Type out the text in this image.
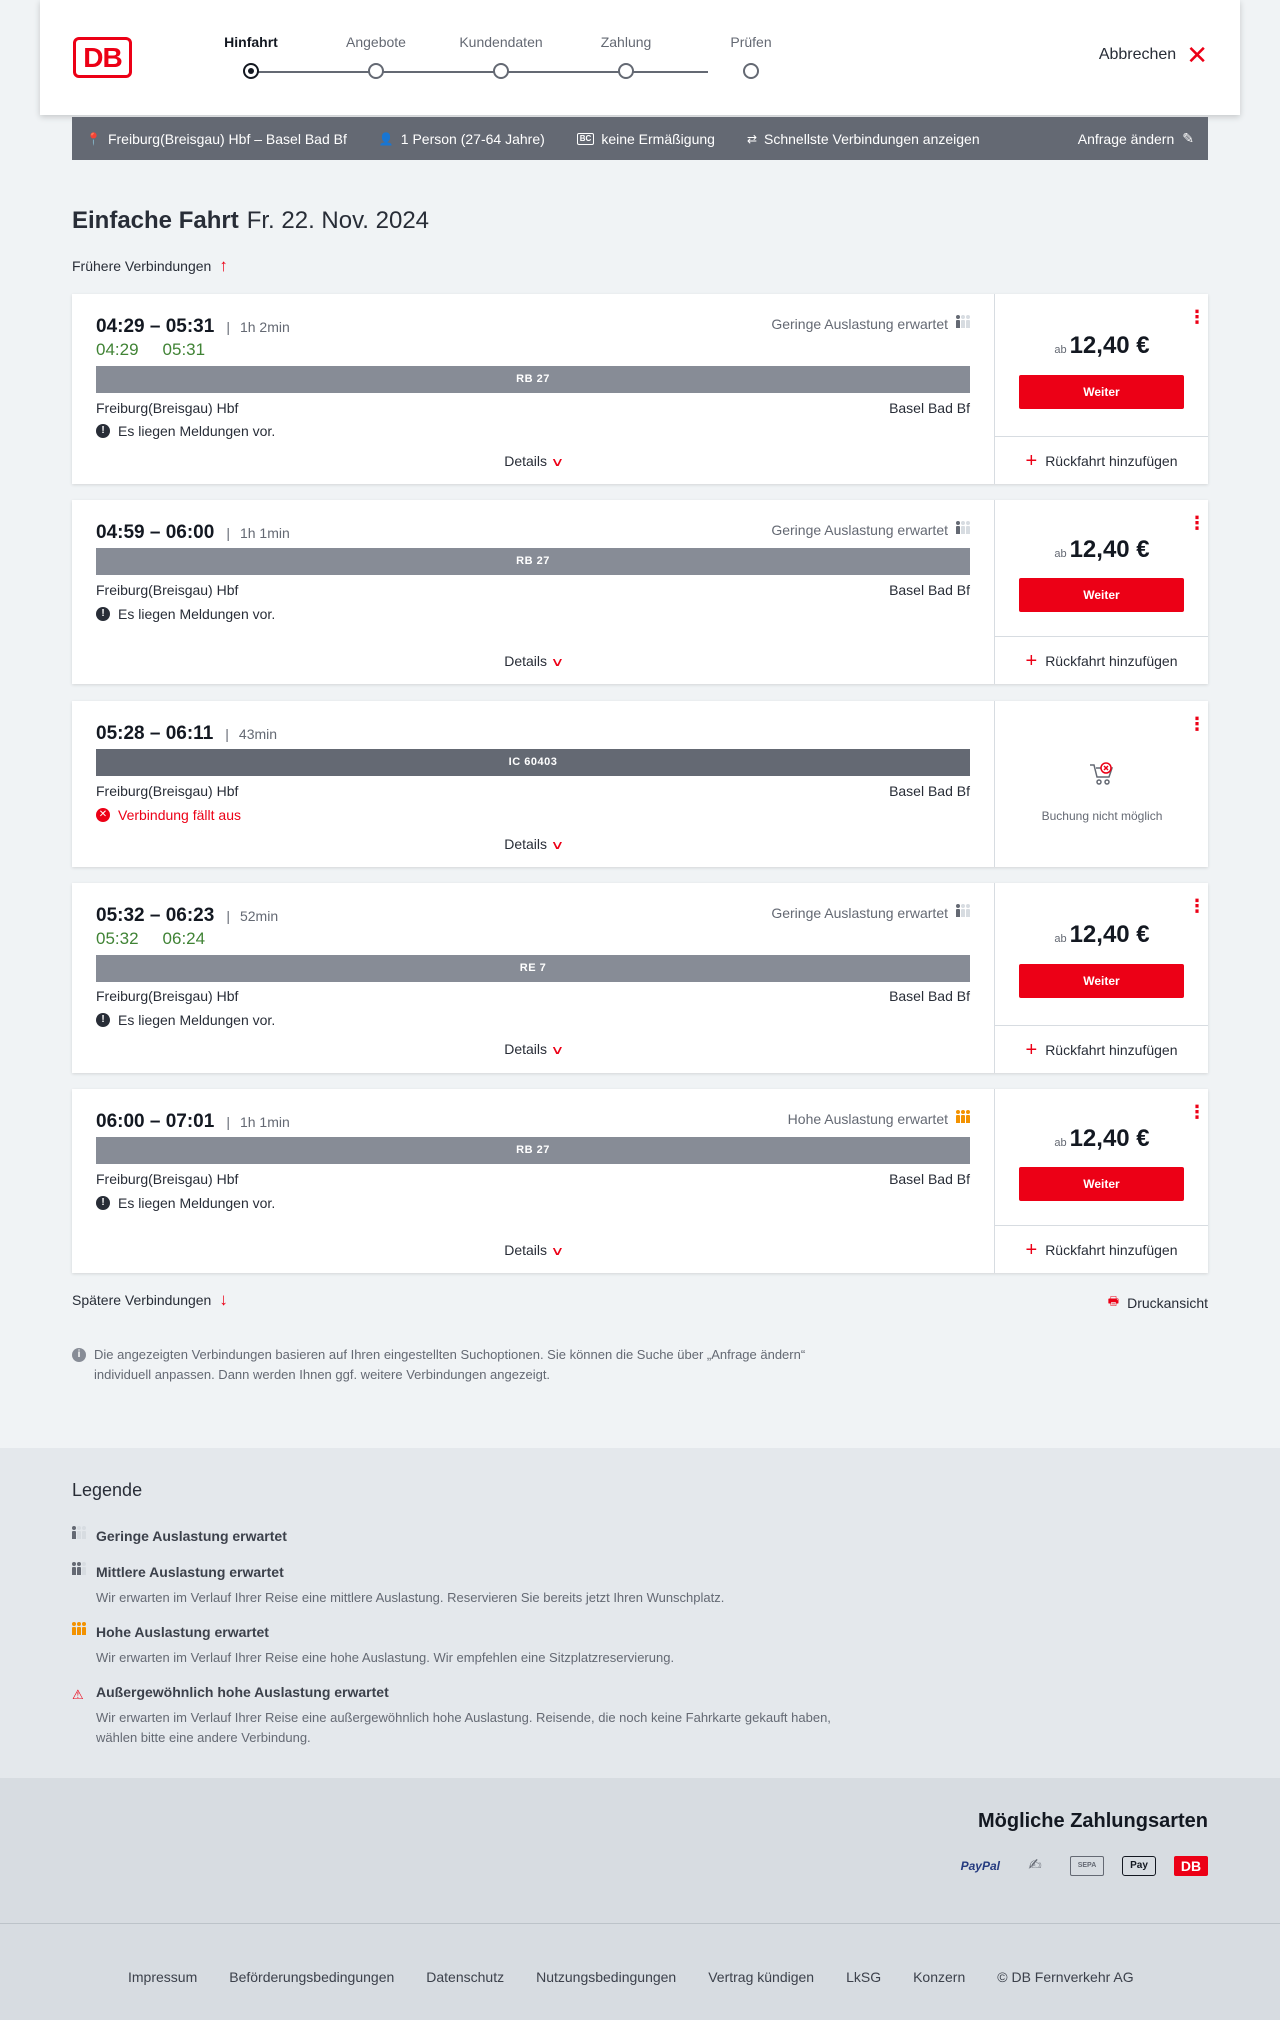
DB	Hinfahrt	Angebote	Kundendaten	Zahlung	Prüfen
Abbrechen ✕
📍 Freiburg(Breisgau) Hbf – Basel Bad Bf	👤 1 Person (27-64 Jahre)	BC keine Ermäßigung	⇄ Schnellste Verbindungen anzeigen	Anfrage ändern ✎
Einfache Fahrt Fr. 22. Nov. 2024
Frühere Verbindungen ↑
04:29 – 05:31 | 1h 2min
04:29 05:31
Geringe Auslastung erwartet
RB 27
Freiburg(Breisgau) Hbf	Basel Bad Bf
! Es liegen Meldungen vor.
Details ∨
⋮
ab 12,40 €
Weiter
+ Rückfahrt hinzufügen
04:59 – 06:00 | 1h 1min	Geringe Auslastung erwartet
RB 27
Freiburg(Breisgau) Hbf	Basel Bad Bf
! Es liegen Meldungen vor.
Details ∨
⋮
ab 12,40 €
Weiter
+ Rückfahrt hinzufügen
05:28 – 06:11 | 43min
IC 60403
Freiburg(Breisgau) Hbf	Basel Bad Bf
✕ Verbindung fällt aus
Details ∨
⋮
Buchung nicht möglich
05:32 – 06:23 | 52min
05:32 06:24
Geringe Auslastung erwartet
RE 7
Freiburg(Breisgau) Hbf	Basel Bad Bf
! Es liegen Meldungen vor.
Details ∨
⋮
ab 12,40 €
Weiter
+ Rückfahrt hinzufügen
06:00 – 07:01 | 1h 1min	Hohe Auslastung erwartet
RB 27
Freiburg(Breisgau) Hbf	Basel Bad Bf
! Es liegen Meldungen vor.
Details ∨
⋮
ab 12,40 €
Weiter
+ Rückfahrt hinzufügen
Spätere Verbindungen ↓	🖶 Druckansicht
i	Die angezeigten Verbindungen basieren auf Ihren eingestellten Suchoptionen. Sie können die Suche über „Anfrage ändern“ individuell anpassen. Dann werden Ihnen ggf. weitere Verbindungen angezeigt.
Legende
Geringe Auslastung erwartet
Mittlere Auslastung erwartet
Wir erwarten im Verlauf Ihrer Reise eine mittlere Auslastung. Reservieren Sie bereits jetzt Ihren Wunschplatz.
Hohe Auslastung erwartet
Wir erwarten im Verlauf Ihrer Reise eine hohe Auslastung. Wir empfehlen eine Sitzplatzreservierung.
⚠ Außergewöhnlich hohe Auslastung erwartet
Wir erwarten im Verlauf Ihrer Reise eine außergewöhnlich hohe Auslastung. Reisende, die noch keine Fahrkarte gekauft haben, wählen bitte eine andere Verbindung.
Mögliche Zahlungsarten
PayPal	✍	SEPA	Pay	DB
Impressum Beförderungsbedingungen Datenschutz Nutzungsbedingungen Vertrag kündigen LkSG Konzern © DB Fernverkehr AG
